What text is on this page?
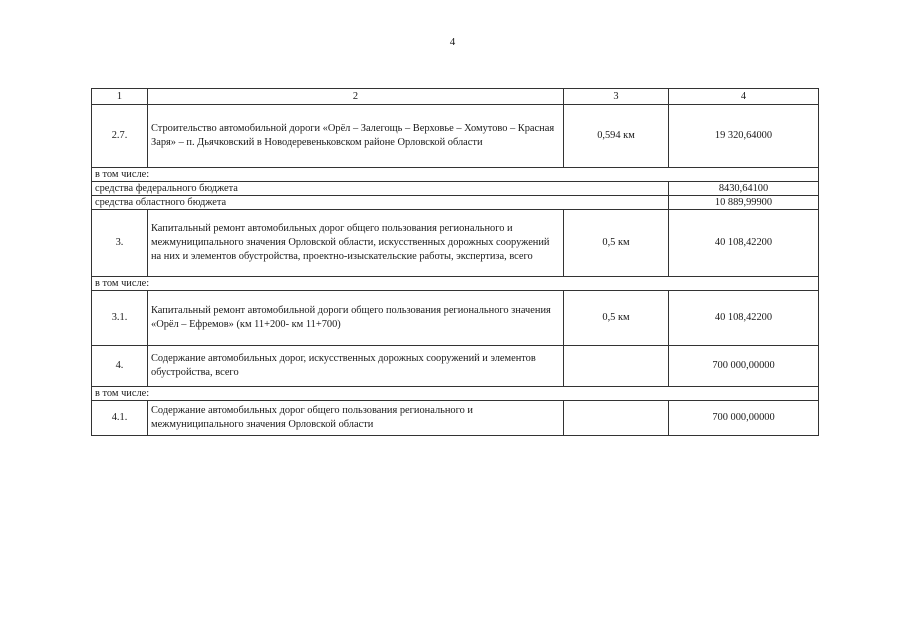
4
1	2	3	4
2.7.	Строительство автомобильной дороги «Орёл – Залегощь – Верховье – Хомутово – Красная Заря» – п. Дьячковский в Новодеревеньковском районе Орловской области	0,594 км	19 320,64000
в том числе:			
средства федерального бюджета			8430,64100
средства областного бюджета			10 889,99900
3.	Капитальный ремонт автомобильных дорог общего пользования регионального и межмуниципального значения Орловской области, искусственных дорожных сооружений на них и элементов обустройства, проектно-изыскательские работы, экспертиза, всего	0,5 км	40 108,42200
в том числе:			
3.1.	Капитальный ремонт автомобильной дороги общего пользования регионального значения «Орёл – Ефремов» (км 11+200- км 11+700)	0,5 км	40 108,42200
4.	Содержание автомобильных дорог, искусственных дорожных сооружений и элементов обустройства, всего		700 000,00000
в том числе:			
4.1.	Содержание автомобильных дорог общего пользования регионального и межмуниципального значения Орловской области		700 000,00000
